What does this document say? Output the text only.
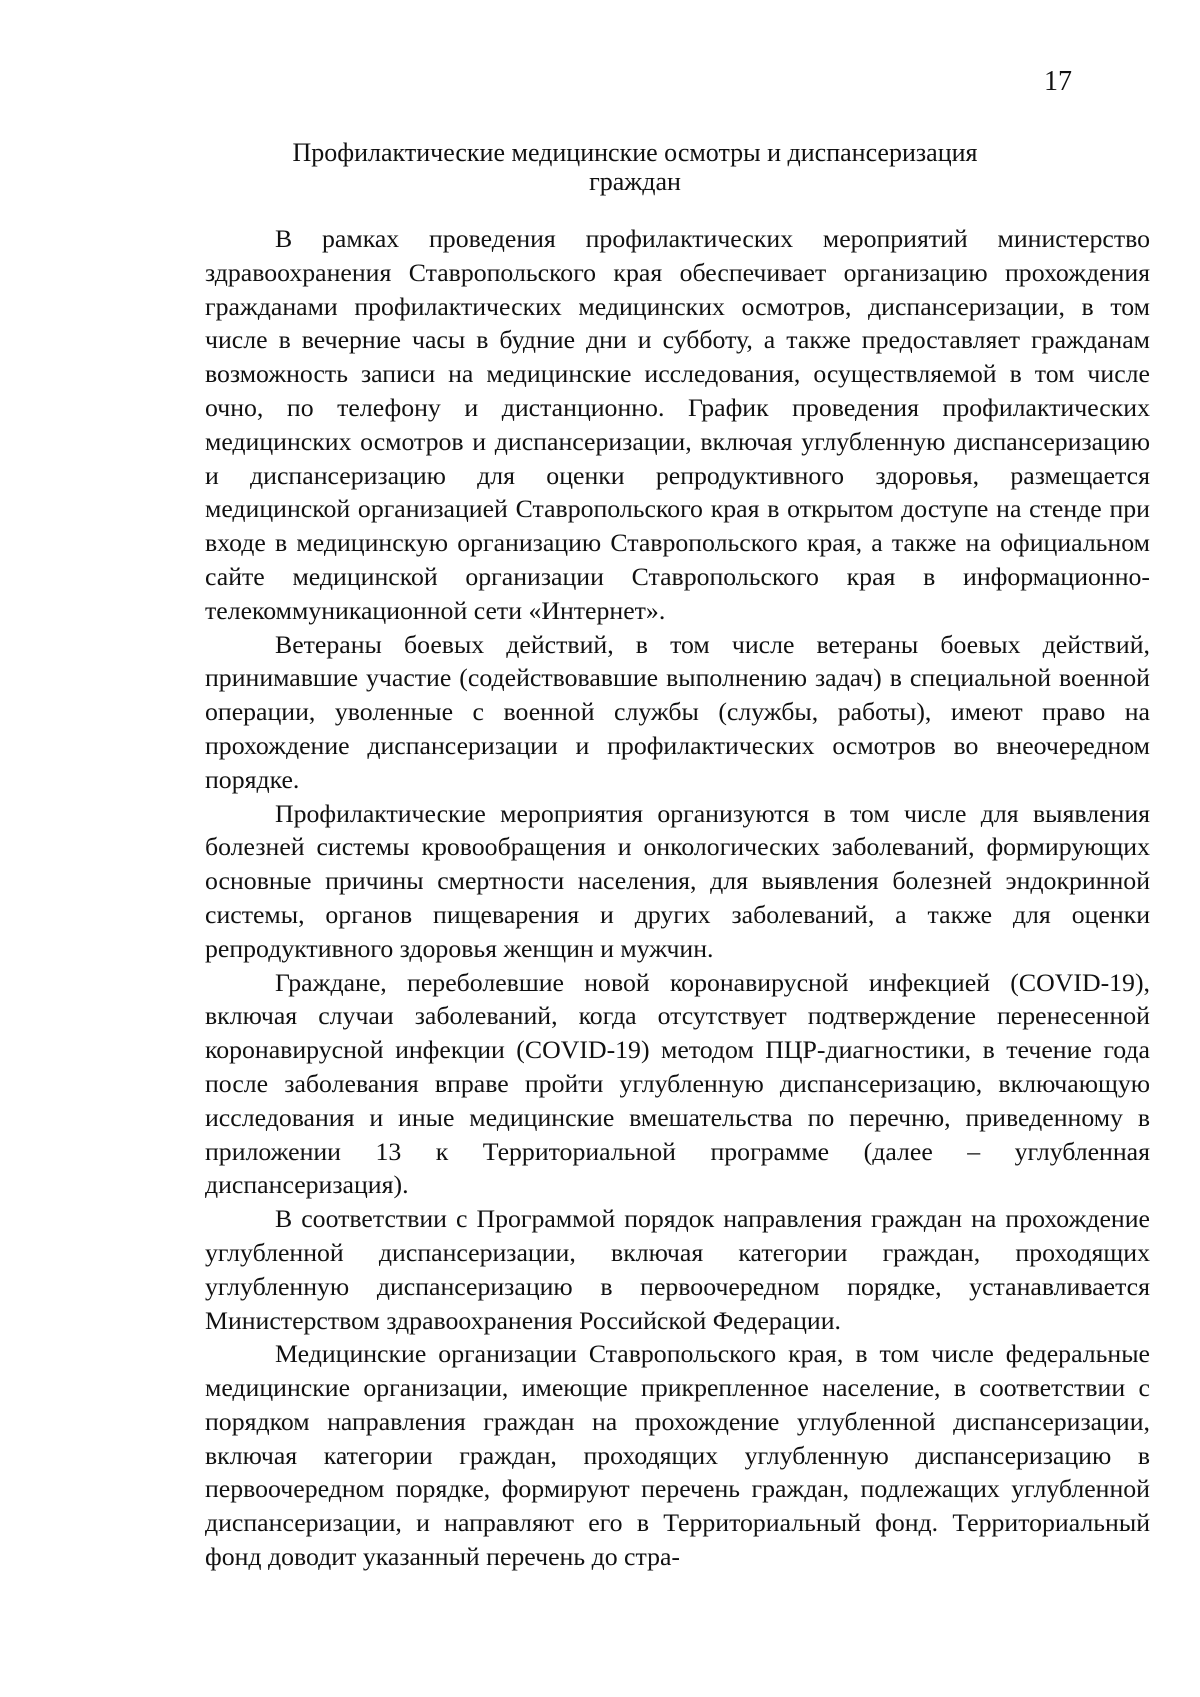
17
Профилактические медицинские осмотры и диспансеризация
граждан

В рамках проведения профилактических мероприятий министерство здравоохранения Ставропольского края обеспечивает организацию прохождения гражданами профилактических медицинских осмотров, диспансеризации, в том числе в вечерние часы в будние дни и субботу, а также предоставляет гражданам возможность записи на медицинские исследования, осуществляемой в том числе очно, по телефону и дистанционно. График проведения профилактических медицинских осмотров и диспансеризации, включая углубленную диспансеризацию и диспансеризацию для оценки репродуктивного здоровья, размещается медицинской организацией Ставропольского края в открытом доступе на стенде при входе в медицинскую организацию Ставропольского края, а также на официальном сайте медицинской организации Ставропольского края в информационно-телекоммуникационной сети «Интернет».

Ветераны боевых действий, в том числе ветераны боевых действий, принимавшие участие (содействовавшие выполнению задач) в специальной военной операции, уволенные с военной службы (службы, работы), имеют право на прохождение диспансеризации и профилактических осмотров во внеочередном порядке.

Профилактические мероприятия организуются в том числе для выявления болезней системы кровообращения и онкологических заболеваний, формирующих основные причины смертности населения, для выявления болезней эндокринной системы, органов пищеварения и других заболеваний, а также для оценки репродуктивного здоровья женщин и мужчин.

Граждане, переболевшие новой коронавирусной инфекцией (COVID-19), включая случаи заболеваний, когда отсутствует подтверждение перенесенной коронавирусной инфекции (COVID-19) методом ПЦР-диагностики, в течение года после заболевания вправе пройти углубленную диспансеризацию, включающую исследования и иные медицинские вмешательства по перечню, приведенному в приложении 13 к Территориальной программе (далее – углубленная диспансеризация).

В соответствии с Программой порядок направления граждан на прохождение углубленной диспансеризации, включая категории граждан, проходящих углубленную диспансеризацию в первоочередном порядке, устанавливается Министерством здравоохранения Российской Федерации.

Медицинские организации Ставропольского края, в том числе федеральные медицинские организации, имеющие прикрепленное население, в соответствии с порядком направления граждан на прохождение углубленной диспансеризации, включая категории граждан, проходящих углубленную диспансеризацию в первоочередном порядке, формируют перечень граждан, подлежащих углубленной диспансеризации, и направляют его в Территориальный фонд. Территориальный фонд доводит указанный перечень до стра-
